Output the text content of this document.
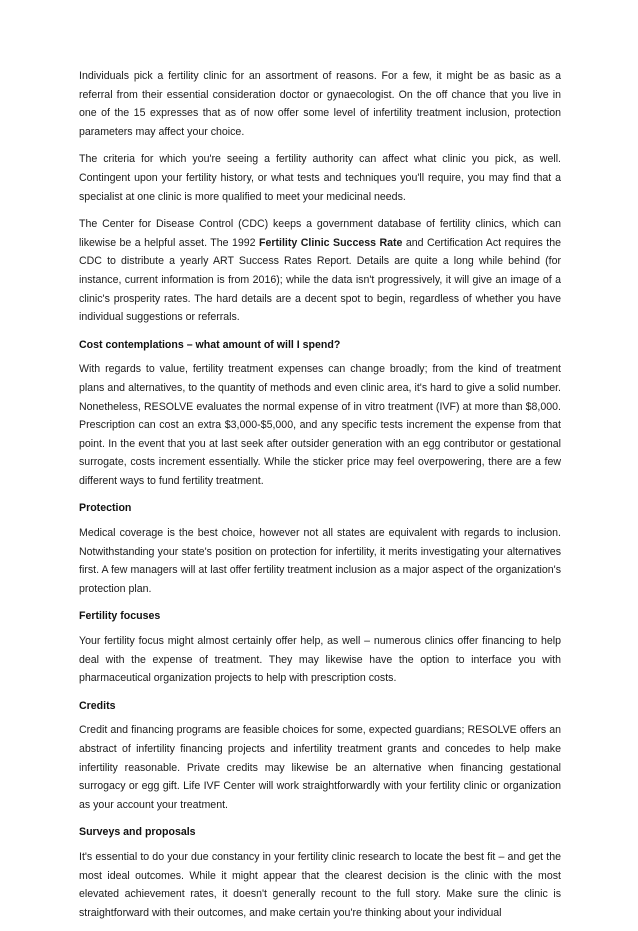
Individuals pick a fertility clinic for an assortment of reasons. For a few, it might be as basic as a referral from their essential consideration doctor or gynaecologist. On the off chance that you live in one of the 15 expresses that as of now offer some level of infertility treatment inclusion, protection parameters may affect your choice.

The criteria for which you're seeing a fertility authority can affect what clinic you pick, as well. Contingent upon your fertility history, or what tests and techniques you'll require, you may find that a specialist at one clinic is more qualified to meet your medicinal needs.

The Center for Disease Control (CDC) keeps a government database of fertility clinics, which can likewise be a helpful asset. The 1992 Fertility Clinic Success Rate and Certification Act requires the CDC to distribute a yearly ART Success Rates Report. Details are quite a long while behind (for instance, current information is from 2016); while the data isn't progressively, it will give an image of a clinic's prosperity rates. The hard details are a decent spot to begin, regardless of whether you have individual suggestions or referrals.

Cost contemplations – what amount of will I spend?

With regards to value, fertility treatment expenses can change broadly; from the kind of treatment plans and alternatives, to the quantity of methods and even clinic area, it's hard to give a solid number. Nonetheless, RESOLVE evaluates the normal expense of in vitro treatment (IVF) at more than $8,000. Prescription can cost an extra $3,000-$5,000, and any specific tests increment the expense from that point. In the event that you at last seek after outsider generation with an egg contributor or gestational surrogate, costs increment essentially. While the sticker price may feel overpowering, there are a few different ways to fund fertility treatment.

Protection

Medical coverage is the best choice, however not all states are equivalent with regards to inclusion. Notwithstanding your state's position on protection for infertility, it merits investigating your alternatives first. A few managers will at last offer fertility treatment inclusion as a major aspect of the organization's protection plan.

Fertility focuses

Your fertility focus might almost certainly offer help, as well – numerous clinics offer financing to help deal with the expense of treatment. They may likewise have the option to interface you with pharmaceutical organization projects to help with prescription costs.

Credits

Credit and financing programs are feasible choices for some, expected guardians; RESOLVE offers an abstract of infertility financing projects and infertility treatment grants and concedes to help make infertility reasonable. Private credits may likewise be an alternative when financing gestational surrogacy or egg gift. Life IVF Center will work straightforwardly with your fertility clinic or organization as your account your treatment.

Surveys and proposals

It's essential to do your due constancy in your fertility clinic research to locate the best fit – and get the most ideal outcomes. While it might appear that the clearest decision is the clinic with the most elevated achievement rates, it doesn't generally recount to the full story. Make sure the clinic is straightforward with their outcomes, and make certain you're thinking about your individual
